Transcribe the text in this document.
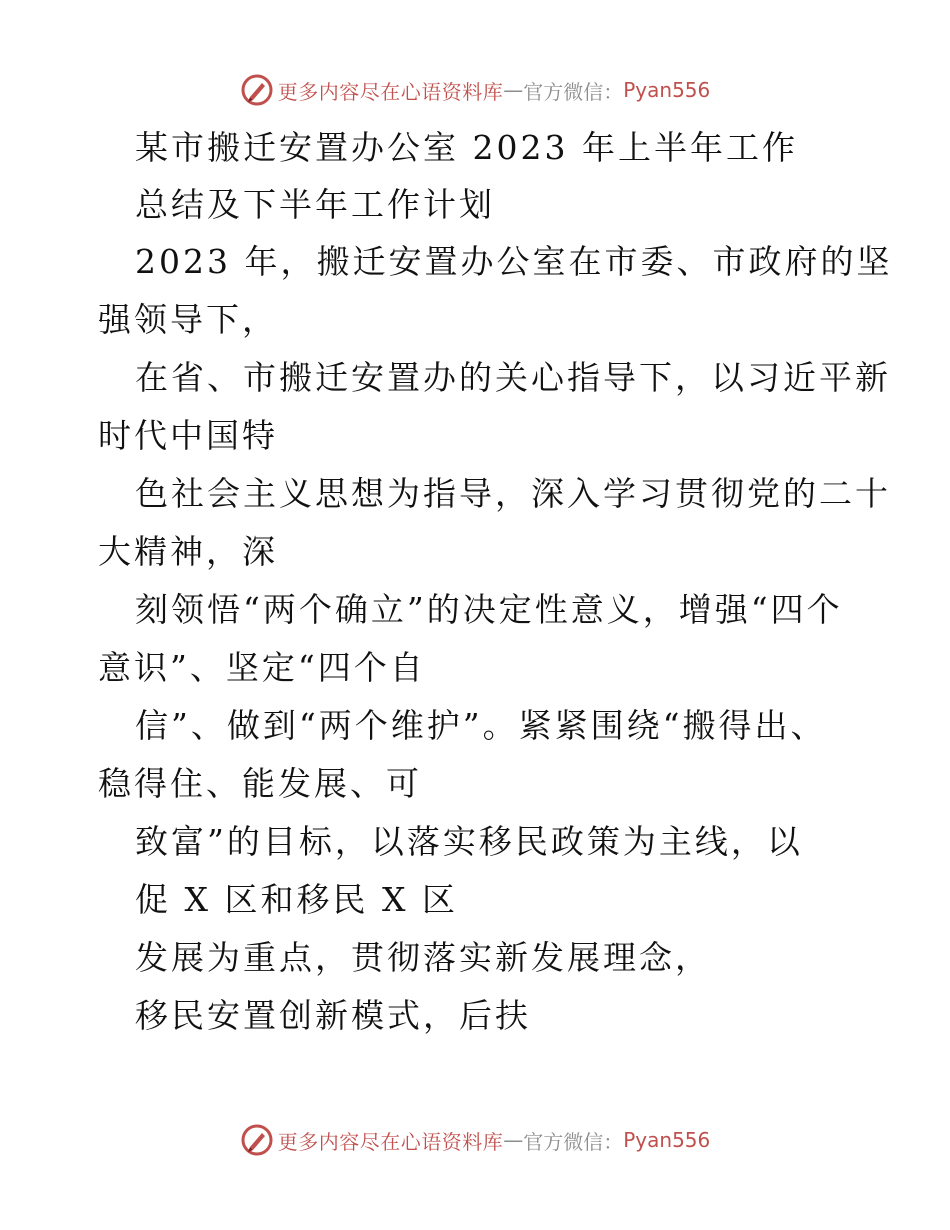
更多内容尽在心语资料库 — 官方微信： Pyan556
某市搬迁安置办公室 2023 年上半年工作
总结及下半年工作计划
2023 年，搬迁安置办公室在市委、市政府的坚
强领导下，
在省、市搬迁安置办的关心指导下，以习近平新
时代中国特
色社会主义思想为指导，深入学习贯彻党的二十
大精神，深
刻领悟“两个确立”的决定性意义，增强“四个
意识”、坚定“四个自
信”、做到“两个维护”。紧紧围绕“搬得出、
稳得住、能发展、可
致富”的目标，以落实移民政策为主线，以
促 X 区和移民 X 区
发展为重点，贯彻落实新发展理念，
移民安置创新模式，后扶
更多内容尽在心语资料库 — 官方微信： Pyan556
